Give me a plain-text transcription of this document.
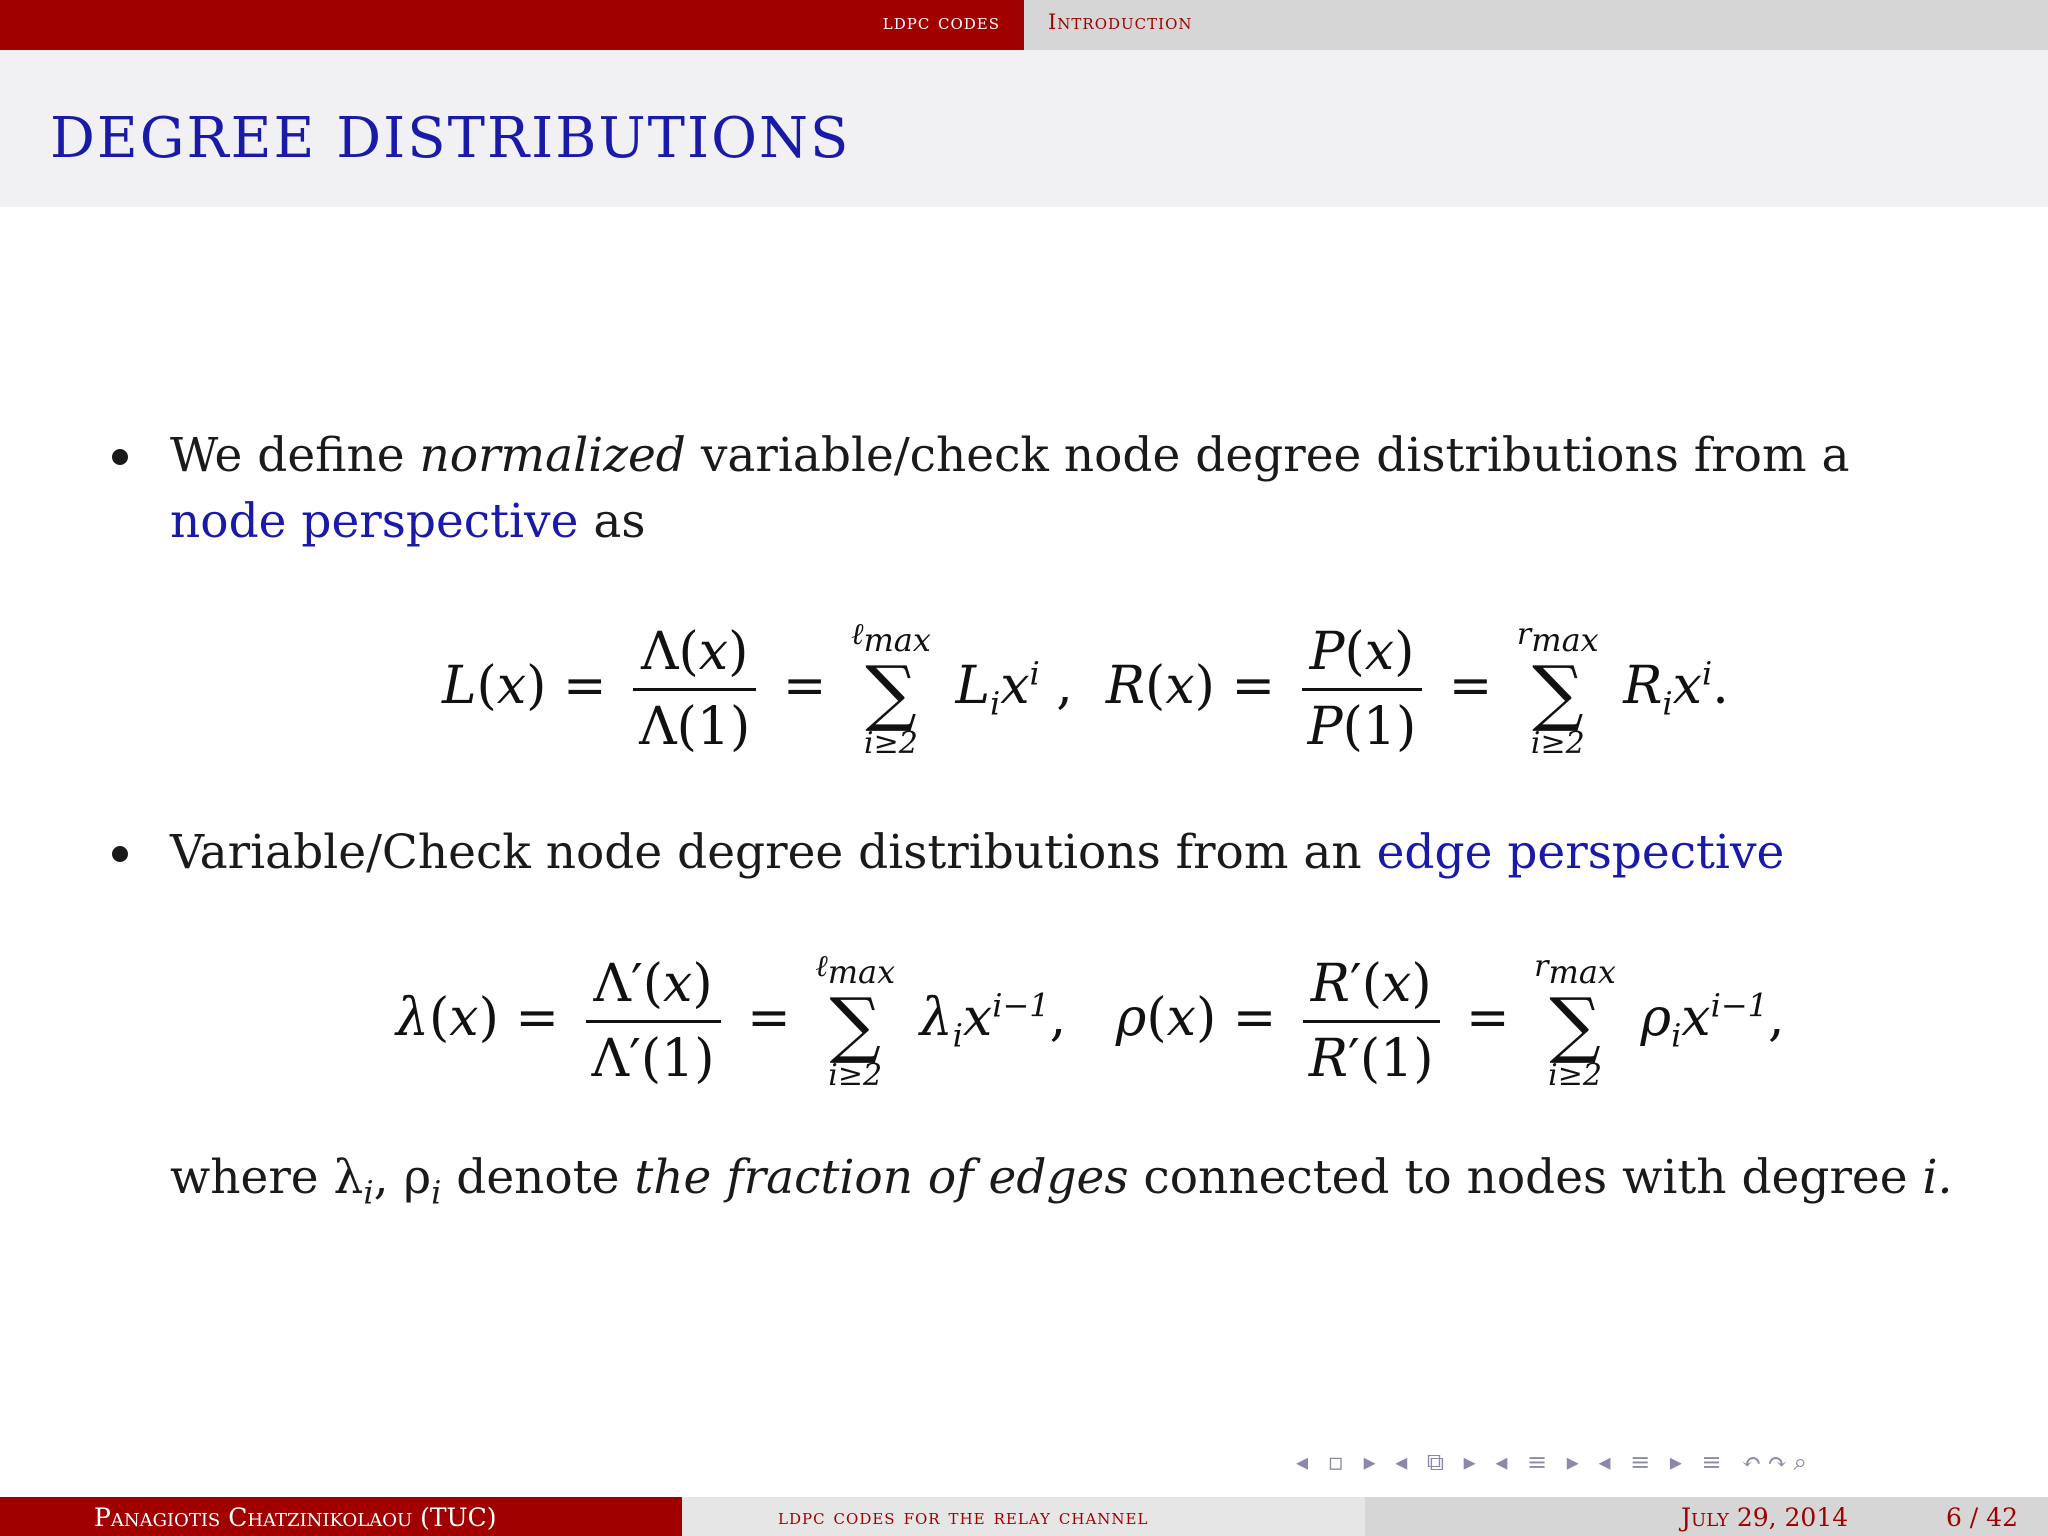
ldpc codes Introduction
DEGREE DISTRIBUTIONS
We define normalized variable/check node degree distributions from a
node perspective as
$L(x) = \frac{\Lambda(x)}{\Lambda(1)}$ =
ℓ$_{max}$
∑
i≥2
$L_ix^i$ ,  $R(x) = \frac{P(x)}{P(1)}$ =
$r_{max}$
∑
i≥2
$R_ix^i$.
Variable/Check node degree distributions from an edge perspective
$\lambda(x) = \frac{\Lambda'(x)}{\Lambda'(1)}$ =
ℓ$_{max}$
∑
i≥2
$\lambda_ix^{i-1}$,   $\rho(x) = \frac{R'(x)}{R'(1)}$ =
$r_{max}$
∑
i≥2
$\rho_ix^{i-1}$,
where $\lambda_i$, $\rho_i$ denote the fraction of edges connected to nodes with degree i.
◂ ▫ ▸ ◂ ⧉ ▸ ◂ ≡ ▸ ◂ ≡ ▸ ≡ ↶↷⌕
Panagiotis Chatzinikolaou (TUC)	ldpc codes for the relay channel	July 29, 2014	6 / 42
